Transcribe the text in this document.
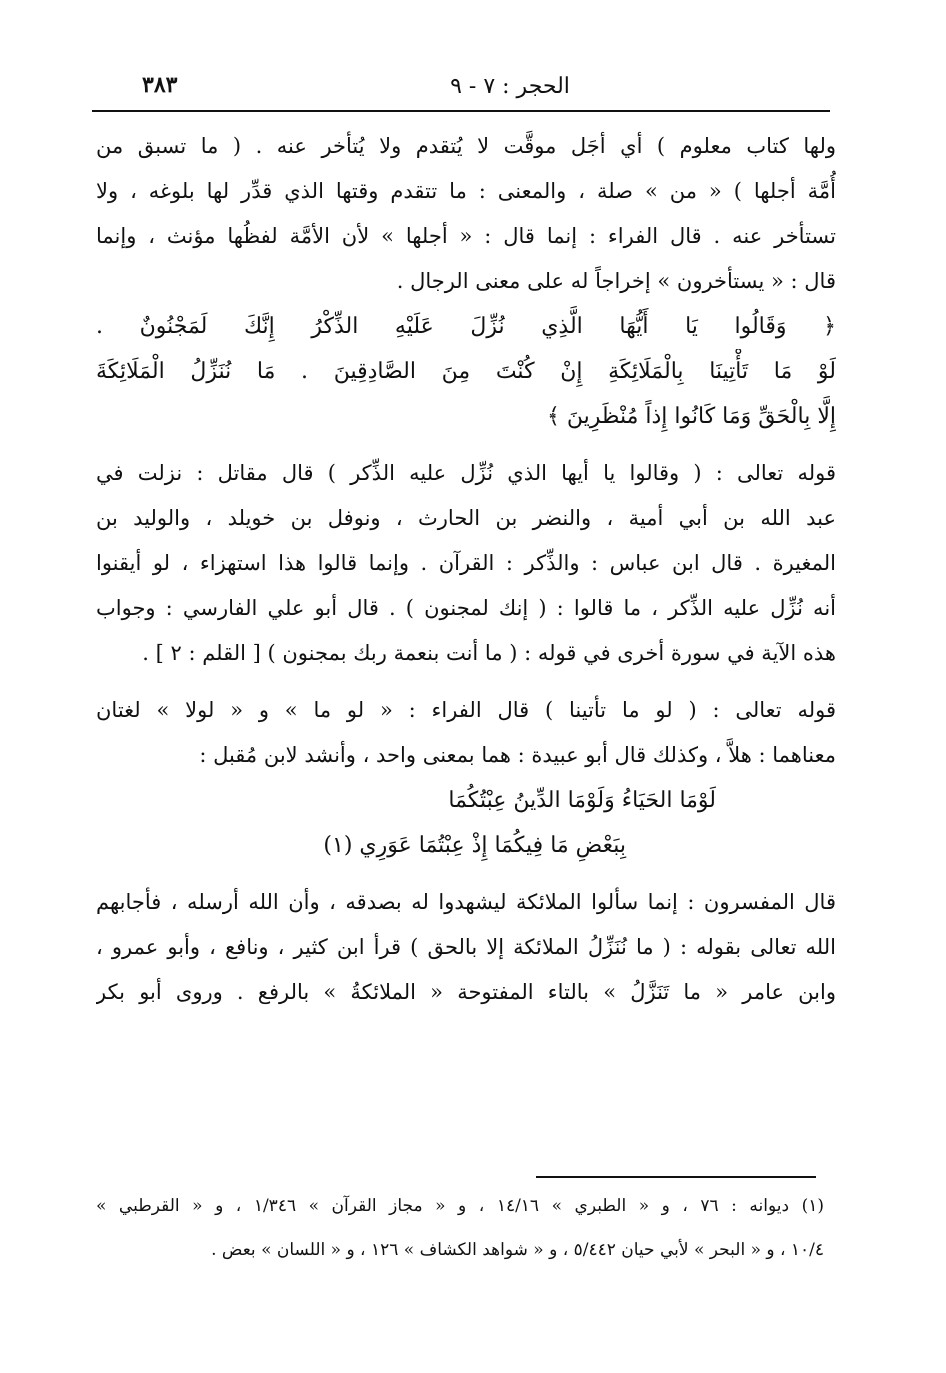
٣٨٣	الحجر : ٧ - ٩
ولها كتاب معلوم ) أي أجَل موقَّت لا يُتقدم ولا يُتأخر عنه . ( ما تسبق من
أُمَّة أجلها ) « من » صلة ، والمعنى : ما تتقدم وقتها الذي قدِّر لها بلوغه ، ولا
تستأخر عنه . قال الفراء : إنما قال : « أجلها » لأن الأمَّة لفظُها مؤنث ، وإنما
قال : « يستأخرون » إخراجاً له على معنى الرجال .
﴿ وَقَالُوا يَا أَيُّهَا الَّذِي نُزِّلَ عَلَيْهِ الذِّكْرُ إِنَّكَ لَمَجْنُونٌ .
لَوْ مَا تَأْتِينَا بِالْمَلَائِكَةِ إِنْ كُنْتَ مِنَ الصَّادِقِينَ . مَا نُنَزِّلُ الْمَلَائِكَةَ
إِلَّا بِالْحَقِّ وَمَا كَانُوا إِذاً مُنْظَرِينَ ﴾
قوله تعالى : ( وقالوا يا أيها الذي نُزِّل عليه الذِّكر ) قال مقاتل : نزلت في
عبد الله بن أبي أمية ، والنضر بن الحارث ، ونوفل بن خويلد ، والوليد بن
المغيرة . قال ابن عباس : والذِّكر : القرآن . وإنما قالوا هذا استهزاء ، لو أيقنوا
أنه نُزِّل عليه الذِّكر ، ما قالوا : ( إنك لمجنون ) . قال أبو علي الفارسي : وجواب
هذه الآية في سورة أخرى في قوله : ( ما أنت بنعمة ربك بمجنون ) [ القلم : ٢ ] .
قوله تعالى : ( لو ما تأتينا ) قال الفراء : « لو ما » و « لولا » لغتان
معناهما : هلاَّ ، وكذلك قال أبو عبيدة : هما بمعنى واحد ، وأنشد لابن مُقبل :
لَوْمَا الحَيَاءُ وَلَوْمَا الدِّينُ عِبْتُكُمَا
بِبَعْضِ مَا فِيكُمَا إِذْ عِبْتُمَا عَوَرِي (١)
قال المفسرون : إنما سألوا الملائكة ليشهدوا له بصدقه ، وأن الله أرسله ، فأجابهم
الله تعالى بقوله : ( ما نُنَزِّلُ الملائكة إلا بالحق ) قرأ ابن كثير ، ونافع ، وأبو عمرو ،
وابن عامر « ما تَنَزَّلُ » بالتاء المفتوحة « الملائكةُ » بالرفع . وروى أبو بكر
(١) ديوانه : ٧٦ ، و « الطبري » ١٤/١٦ ، و « مجاز القرآن » ١/٣٤٦ ، و « القرطبي »
١٠/٤ ، و « البحر » لأبي حيان ٥/٤٤٢ ، و « شواهد الكشاف » ١٢٦ ، و « اللسان » بعض .
